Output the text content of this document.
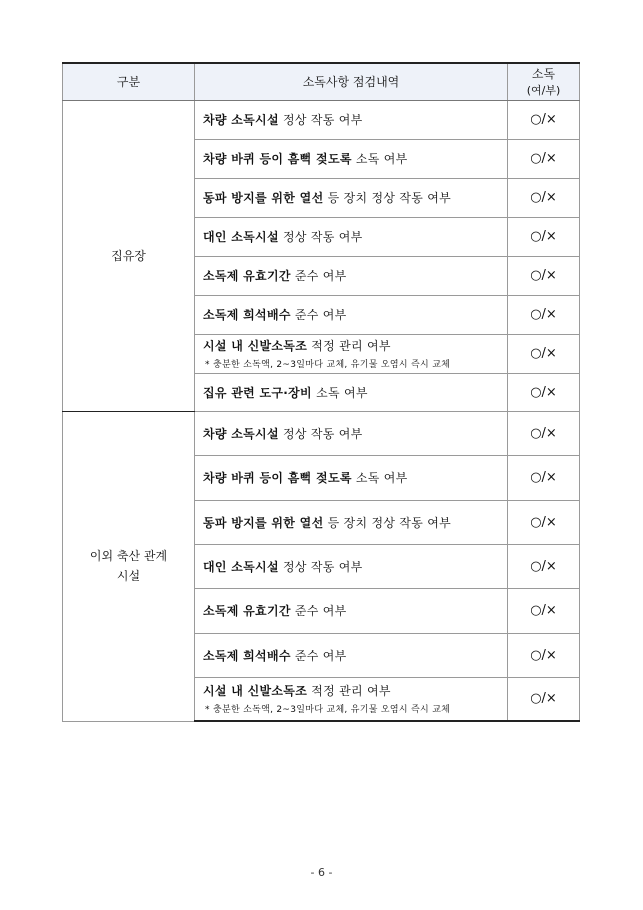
구분	소독사항 점검내역	소독
(여/부)

집유장	차량 소독시설 정상 작동 여부	○/×
	차량 바퀴 등이 흠뻑 젖도록 소독 여부	○/×
	동파 방지를 위한 열선 등 장치 정상 작동 여부	○/×
	대인 소독시설 정상 작동 여부	○/×
	소독제 유효기간 준수 여부	○/×
	소독제 희석배수 준수 여부	○/×
	시설 내 신발소독조 적정 관리 여부
* 충분한 소독액, 2~3일마다 교체, 유기물 오염시 즉시 교체	○/×
	집유 관련 도구·장비 소독 여부	○/×
이외 축산 관계 시설	차량 소독시설 정상 작동 여부	○/×
	차량 바퀴 등이 흠뻑 젖도록 소독 여부	○/×
	동파 방지를 위한 열선 등 장치 정상 작동 여부	○/×
	대인 소독시설 정상 작동 여부	○/×
	소독제 유효기간 준수 여부	○/×
	소독제 희석배수 준수 여부	○/×
	시설 내 신발소독조 적정 관리 여부
* 충분한 소독액, 2~3일마다 교체, 유기물 오염시 즉시 교체	○/×
- 6 -
